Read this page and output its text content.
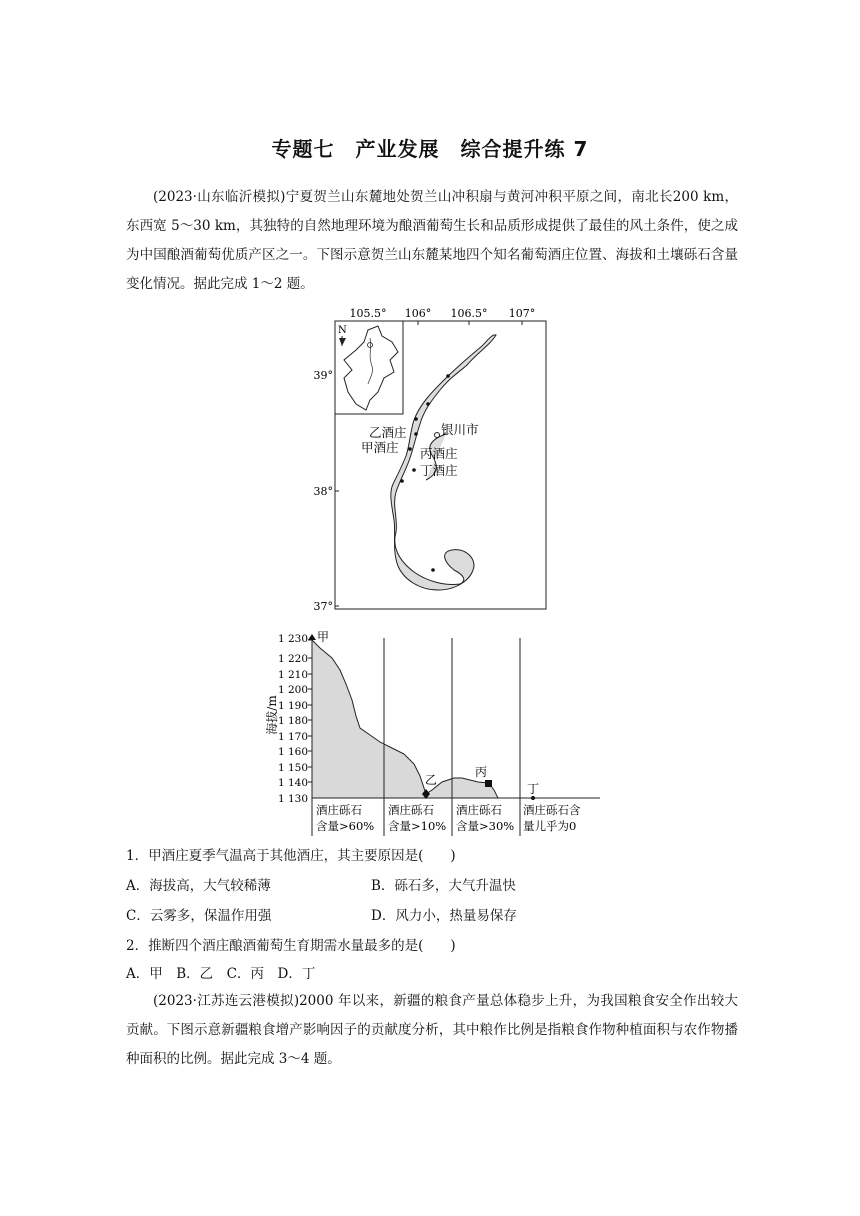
专题七　产业发展　综合提升练 7
(2023·山东临沂模拟)宁夏贺兰山东麓地处贺兰山冲积扇与黄河冲积平原之间，南北长200 km，东西宽 5～30 km，其独特的自然地理环境为酿酒葡萄生长和品质形成提供了最佳的风土条件，使之成为中国酿酒葡萄优质产区之一。下图示意贺兰山东麓某地四个知名葡萄酒庄位置、海拔和土壤砾石含量变化情况。据此完成 1～2 题。
105.5° 106° 106.5° 107°
39°
38°
37°
N
银川市
乙酒庄
甲酒庄 丙酒庄
丁酒庄
海拔/m
1 230
1 220
1 210
1 200
1 190
1 180
1 170
1 160
1 150
1 140
1 130
甲
乙
丙
丁
酒庄砾石
含量>60%
酒庄砾石
含量>10%
酒庄砾石
含量>30%
酒庄砾石含
量儿乎为0
1．甲酒庄夏季气温高于其他酒庄，其主要原因是(　　)
A．海拔高，大气较稀薄	B．砾石多，大气升温快
C．云雾多，保温作用强	D．风力小，热量易保存
2．推断四个酒庄酿酒葡萄生育期需水量最多的是(　　)
A．甲　B．乙　C．丙　D．丁
(2023·江苏连云港模拟)2000 年以来，新疆的粮食产量总体稳步上升，为我国粮食安全作出较大贡献。下图示意新疆粮食增产影响因子的贡献度分析，其中粮作比例是指粮食作物种植面积与农作物播种面积的比例。据此完成 3～4 题。
